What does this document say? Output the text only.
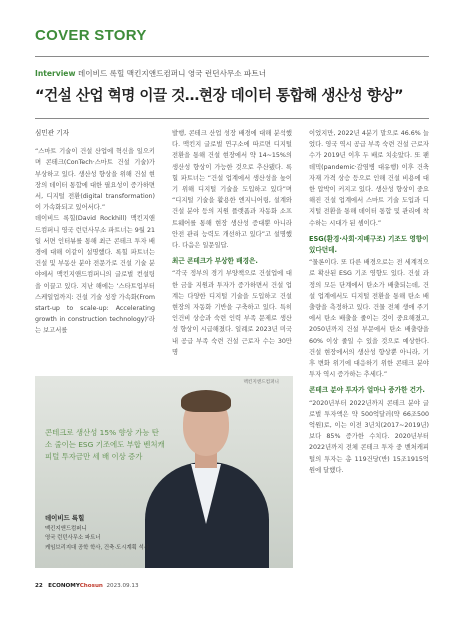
COVER STORY
Interview 데이비드 록힐 맥킨지앤드컴퍼니 영국 런던사무소 파트너
“건설 산업 혁명 이끌 것…현장 데이터 통합해 생산성 향상”
심민관 기자

“스마트 기술이 건설 산업에 혁신을 일으키며 콘테크(ConTech·스마트 건설 기술)가 부상하고 있다. 생산성 향상을 위해 건설 현장의 데이터 통합에 대한 필요성이 증가하면서, 디지털 전환(digital transformation)이 가속화되고 있어서다.”

데이비드 록힐(David Rockhill) 맥킨지앤드컴퍼니 영국 런던사무소 파트너는 9월 21일 서면 인터뷰를 통해 최근 콘테크 투자 배경에 대해 이같이 설명했다. 록힐 파트너는 건설 및 부동산 분야 전문가로 건설 기술 분야에서 맥킨지앤드컴퍼니의 글로벌 컨설팅을 이끌고 있다. 지난 해에는 ‘스타트업부터 스케일업까지: 건설 기술 성장 가속화(From start-up to scale-up: Accelerating growth in construction technology)’라는 보고서를

발행, 콘테크 산업 성장 배경에 대해 분석했다. 맥킨지 글로벌 연구소에 따르면 디지털 전환을 통해 건설 현장에서 약 14~15%의 생산성 향상이 가능한 것으로 추산됐다. 록힐 파트너는 “건설 업계에서 생산성을 높이기 위해 디지털 기술을 도입하고 있다”며 “디지털 기술을 활용한 엔지니어링, 설계와 건설 분야 등의 지원 플랫폼과 자동화 소프트웨어를 통해 현장 생산성 증대뿐 아니라 안전 관리 능력도 개선하고 있다”고 설명했다. 다음은 일문일답.

최근 콘테크가 부상한 배경은.

“각국 정부의 경기 부양책으로 건설업에 대한 금융 지원과 투자가 증가하면서 건설 업계는 다양한 디지털 기술을 도입하고 건설 현장의 자동화 기반을 구축하고 있다. 특히 인건비 상승과 숙련 인력 부족 문제로 생산성 향상이 시급해졌다. 일례로 2023년 미국 내 공급 부족 숙련 건설 근로자 수는 30만 명

이었지만, 2022년 4분기 말으로 46.6% 늘었다. 영국 역시 공급 부족 숙련 건설 근로자 수가 2019년 이후 두 배로 치솟았다. 또 팬데믹(pandemic·감염병 대유행) 이후 건축자재 가격 상승 등으로 인해 건설 비용에 대한 압박이 커지고 있다. 생산성 향상이 중요해진 건설 업계에서 스마트 기술 도입과 디지털 전환을 통해 데이터 통합 및 관리에 착수하는 시대가 된 셈이다.”

ESG(환경·사회·지배구조) 기조도 영향이 있다던데.

“물론이다. 또 다른 배경으로는 전 세계적으로 확산된 ESG 기조 영향도 있다. 건설 과정의 모든 단계에서 탄소가 배출되는데, 건설 업계에서도 디지털 전환을 통해 탄소 배출량을 측정하고 있다. 건물 전체 생애 주기에서 탄소 배출을 줄이는 것이 중요해졌고, 2050년까지 건설 부문에서 탄소 배출량을 60% 이상 줄일 수 있을 것으로 예상한다. 건설 현장에서의 생산성 향상뿐 아니라, 기후 변화 위기에 대응하기 위한 콘테크 분야 투자 역시 증가하는 추세다.”

콘테크 분야 투자가 얼마나 증가한 건가.

“2020년부터 2022년까지 콘테크 분야 글로벌 투자액은 약 500억달러(약 66조500억원)로, 이는 이전 3년치(2017~2019년)보다 85% 증가한 수치다. 2020년부터 2022년까지 전체 콘테크 투자 중 벤처캐피털의 투자는 총 119건당(반) 15조1915억원에 달했다.

맥킨지앤드컴퍼니
콘테크로 생산성 15% 향상 가능 탄소 줄이는 ESG 기조에도 부합 벤처캐피털 투자금만 세 배 이상 증가
데이비드 록힐
맥킨지앤드컴퍼니
영국 런던사무소 파트너
케임브리지대 공학 학사, 건축·도시계획 석사
22 ECONOMYChosun 2023.09.13
